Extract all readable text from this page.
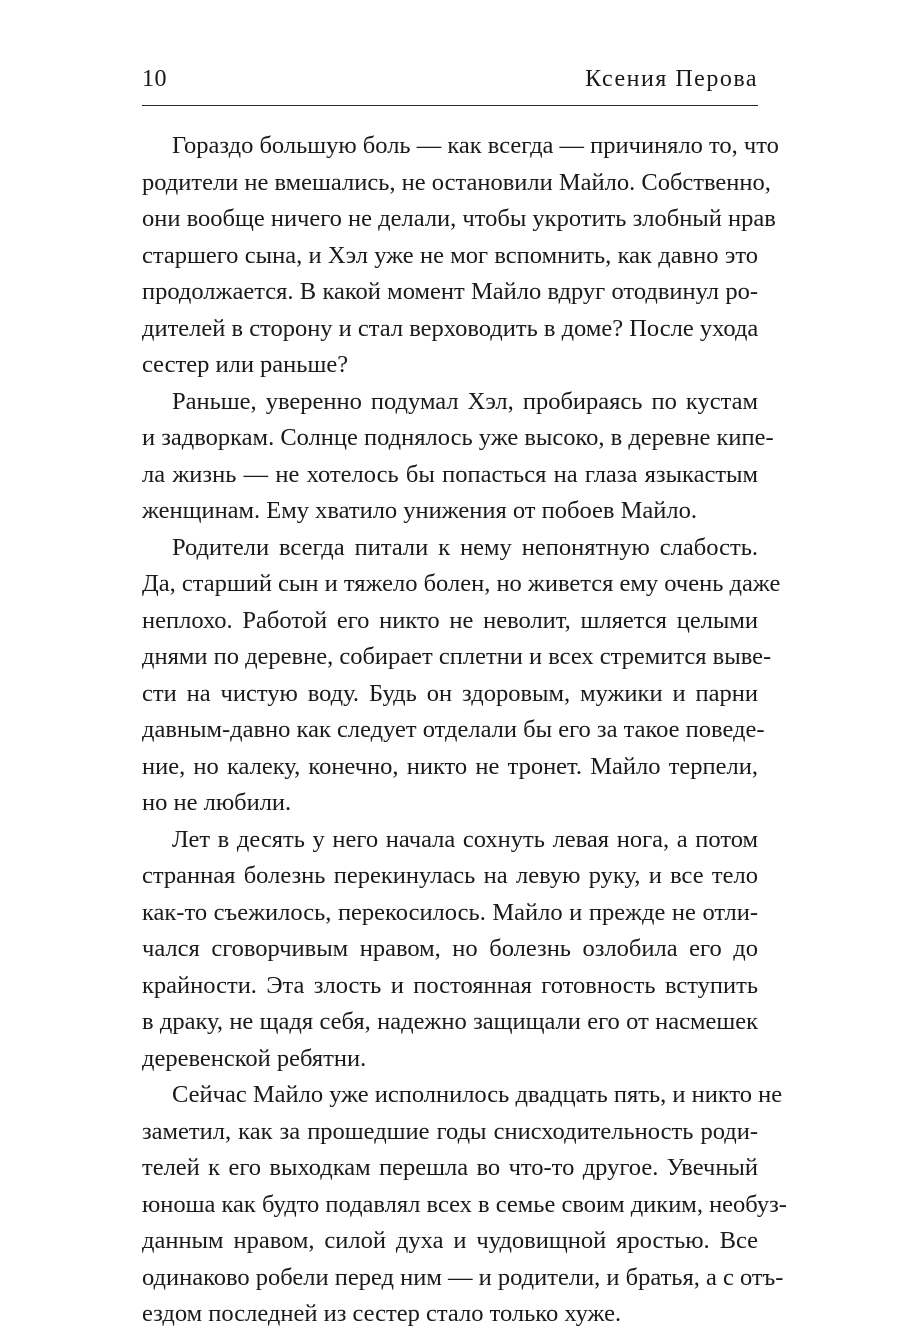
10	Ксения Перова
Гораздо большую боль — как всегда — причиняло то, что
родители не вмешались, не остановили Майло. Собственно,
они вообще ничего не делали, чтобы укротить злобный нрав
старшего сына, и Хэл уже не мог вспомнить, как давно это
продолжается. В какой момент Майло вдруг отодвинул ро-
дителей в сторону и стал верховодить в доме? После ухода
сестер или раньше?
Раньше, уверенно подумал Хэл, пробираясь по кустам
и задворкам. Солнце поднялось уже высоко, в деревне кипе-
ла жизнь — не хотелось бы попасться на глаза языкастым
женщинам. Ему хватило унижения от побоев Майло.
Родители всегда питали к нему непонятную слабость.
Да, старший сын и тяжело болен, но живется ему очень даже
неплохо. Работой его никто не неволит, шляется целыми
днями по деревне, собирает сплетни и всех стремится выве-
сти на чистую воду. Будь он здоровым, мужики и парни
давным-давно как следует отделали бы его за такое поведе-
ние, но калеку, конечно, никто не тронет. Майло терпели,
но не любили.
Лет в десять у него начала сохнуть левая нога, а потом
странная болезнь перекинулась на левую руку, и все тело
как-то съежилось, перекосилось. Майло и прежде не отли-
чался сговорчивым нравом, но болезнь озлобила его до
крайности. Эта злость и постоянная готовность вступить
в драку, не щадя себя, надежно защищали его от насмешек
деревенской ребятни.
Сейчас Майло уже исполнилось двадцать пять, и никто не
заметил, как за прошедшие годы снисходительность роди-
телей к его выходкам перешла во что-то другое. Увечный
юноша как будто подавлял всех в семье своим диким, необуз-
данным нравом, силой духа и чудовищной яростью. Все
одинаково робели перед ним — и родители, и братья, а с отъ-
ездом последней из сестер стало только хуже.
